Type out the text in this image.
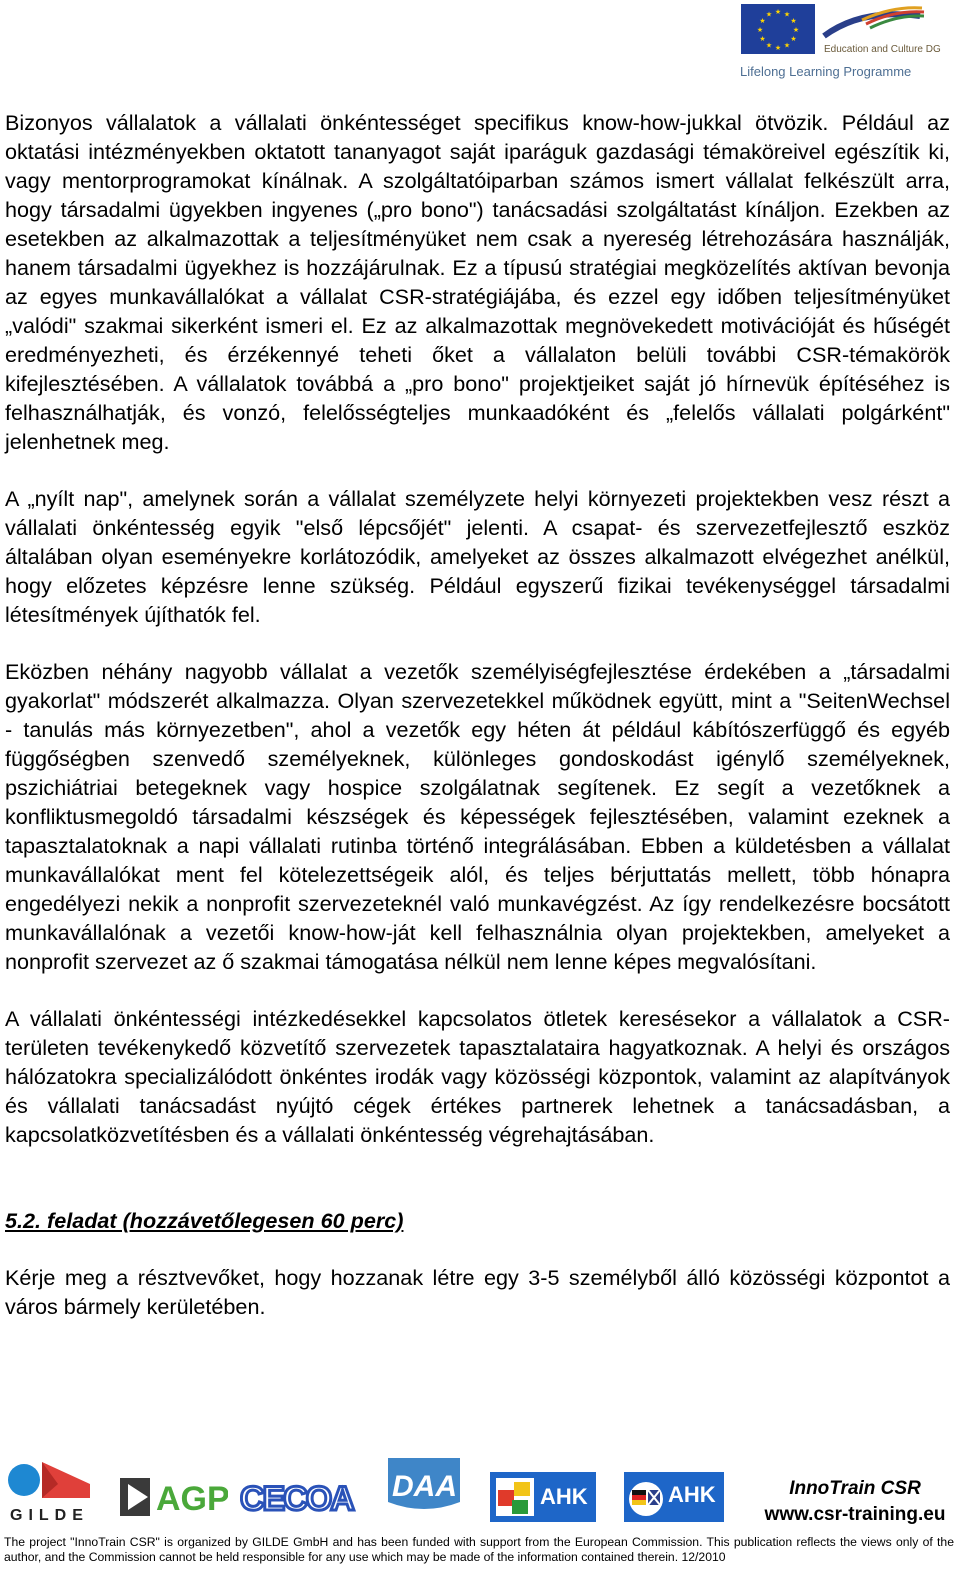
★ ★
★
★
★
★
★
★
★
★
★
★
Education and Culture DG
Lifelong Learning Programme

Bizonyos vállalatok a vállalati önkéntességet specifikus know-how-jukkal ötvözik. Például az oktatási intézményekben oktatott tananyagot saját iparáguk gazdasági témaköreivel egészítik ki, vagy mentorprogramokat kínálnak. A szolgáltatóiparban számos ismert vállalat felkészült arra, hogy társadalmi ügyekben ingyenes („pro bono") tanácsadási szolgáltatást kínáljon. Ezekben az esetekben az alkalmazottak a teljesítményüket nem csak a nyereség létrehozására használják, hanem társadalmi ügyekhez is hozzájárulnak. Ez a típusú stratégiai megközelítés aktívan bevonja az egyes munkavállalókat a vállalat CSR-stratégiájába, és ezzel egy időben teljesítményüket „valódi" szakmai sikerként ismeri el. Ez az alkalmazottak megnövekedett motivációját és hűségét eredményezheti, és érzékennyé teheti őket a vállalaton belüli további CSR-témakörök kifejlesztésében. A vállalatok továbbá a „pro bono" projektjeiket saját jó hírnevük építéséhez is felhasználhatják, és vonzó, felelősségteljes munkaadóként és „felelős vállalati polgárként" jelenhetnek meg.

A „nyílt nap", amelynek során a vállalat személyzete helyi környezeti projektekben vesz részt a vállalati önkéntesség egyik "első lépcsőjét" jelenti. A csapat- és szervezetfejlesztő eszköz általában olyan eseményekre korlátozódik, amelyeket az összes alkalmazott elvégezhet anélkül, hogy előzetes képzésre lenne szükség. Például egyszerű fizikai tevékenységgel társadalmi létesítmények újíthatók fel.

Eközben néhány nagyobb vállalat a vezetők személyiségfejlesztése érdekében a „társadalmi gyakorlat" módszerét alkalmazza. Olyan szervezetekkel működnek együtt, mint a "SeitenWechsel - tanulás más környezetben", ahol a vezetők egy héten át például kábítószerfüggő és egyéb függőségben szenvedő személyeknek, különleges gondoskodást igénylő személyeknek, pszichiátriai betegeknek vagy hospice szolgálatnak segítenek. Ez segít a vezetőknek a konfliktusmegoldó társadalmi készségek és képességek fejlesztésében, valamint ezeknek a tapasztalatoknak a napi vállalati rutinba történő integrálásában. Ebben a küldetésben a vállalat munkavállalókat ment fel kötelezettségeik alól, és teljes bérjuttatás mellett, több hónapra engedélyezi nekik a nonprofit szervezeteknél való munkavégzést. Az így rendelkezésre bocsátott munkavállalónak a vezetői know-how-ját kell felhasználnia olyan projektekben, amelyeket a nonprofit szervezet az ő szakmai támogatása nélkül nem lenne képes megvalósítani.

A vállalati önkéntességi intézkedésekkel kapcsolatos ötletek keresésekor a vállalatok a CSR-területen tevékenykedő közvetítő szervezetek tapasztalataira hagyatkoznak. A helyi és országos hálózatokra specializálódott önkéntes irodák vagy közösségi központok, valamint az alapítványok és vállalati tanácsadást nyújtó cégek értékes partnerek lehetnek a tanácsadásban, a kapcsolatközvetítésben és a vállalati önkéntesség végrehajtásában.

5.2. feladat (hozzávetőlegesen 60 perc)

Kérje meg a résztvevőket, hogy hozzanak létre egy 3-5 személyből álló közösségi központot a város bármely kerületében.

GILDE AGP CECOA DAA	AHK	AHK	InnoTrain CSR
www.csr-training.eu
The project "InnoTrain CSR" is organized by GILDE GmbH and has been funded with support from the European Commission. This publication reflects the views only of the author, and the Commission cannot be held responsible for any use which may be made of the information contained therein. 12/2010
